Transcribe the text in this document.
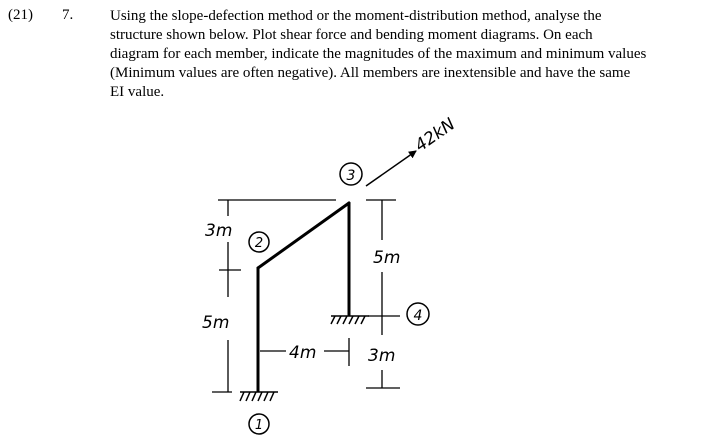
(21) 7. Using the slope-defection method or the moment-distribution method, analyse the
structure shown below. Plot shear force and bending moment diagrams. On each
diagram for each member, indicate the magnitudes of the maximum and minimum values
(Minimum values are often negative). All members are inextensible and have the same
EI value.
42kN
3
2
4
1
3m
5m
5m
3m
4m
